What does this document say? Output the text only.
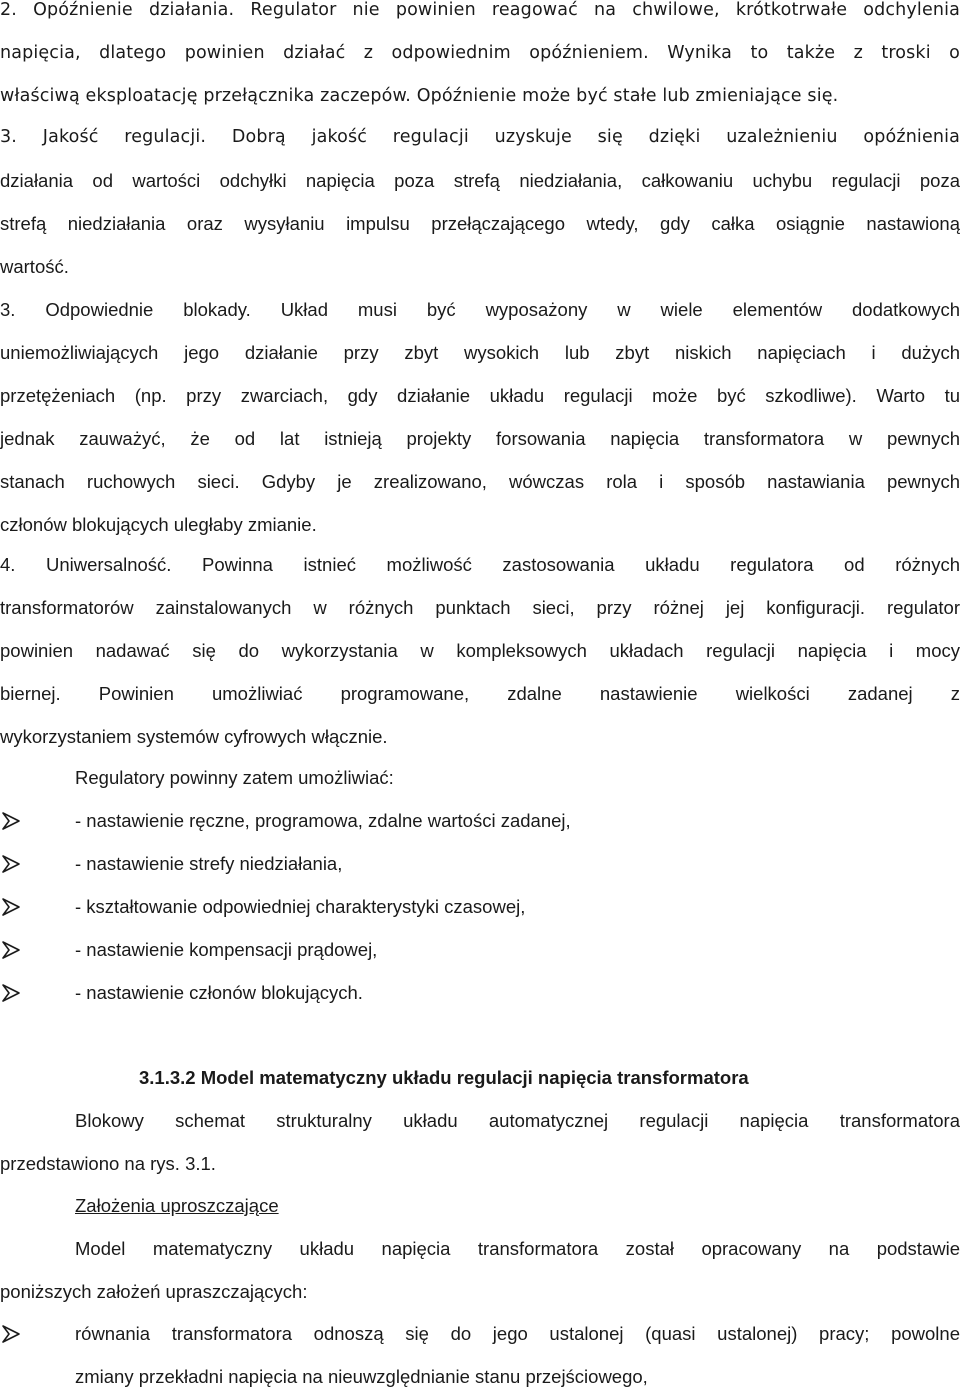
2. Opóźnienie działania. Regulator nie powinien reagować na chwilowe, krótkotrwałe odchylenia
napięcia, dlatego powinien działać z odpowiednim opóźnieniem. Wynika to także z troski o
właściwą eksploatację przełącznika zaczepów. Opóźnienie może być stałe lub zmieniające się.
3. Jakość regulacji. Dobrą jakość regulacji uzyskuje się dzięki uzależnieniu opóźnienia
działania od wartości odchyłki napięcia poza strefą niedziałania, całkowaniu uchybu regulacji poza
strefą niedziałania oraz wysyłaniu impulsu przełączającego wtedy, gdy całka osiągnie nastawioną
wartość.
3. Odpowiednie blokady. Układ musi być wyposażony w wiele elementów dodatkowych
uniemożliwiających jego działanie przy zbyt wysokich lub zbyt niskich napięciach i dużych
przetężeniach (np. przy zwarciach, gdy działanie układu regulacji może być szkodliwe). Warto tu
jednak zauważyć, że od lat istnieją projekty forsowania napięcia transformatora w pewnych
stanach ruchowych sieci. Gdyby je zrealizowano, wówczas rola i sposób nastawiania pewnych
członów blokujących uległaby zmianie.
4. Uniwersalność. Powinna istnieć możliwość zastosowania układu regulatora od różnych
transformatorów zainstalowanych w różnych punktach sieci, przy różnej jej konfiguracji. regulator
powinien nadawać się do wykorzystania w kompleksowych układach regulacji napięcia i mocy
biernej. Powinien umożliwiać programowane, zdalne nastawienie wielkości zadanej z
wykorzystaniem systemów cyfrowych włącznie.
Regulatory powinny zatem umożliwiać:
- nastawienie ręczne, programowa, zdalne wartości zadanej,
- nastawienie strefy niedziałania,
- kształtowanie odpowiedniej charakterystyki czasowej,
- nastawienie kompensacji prądowej,
- nastawienie członów blokujących.
3.1.3.2 Model matematyczny układu regulacji napięcia transformatora
Blokowy schemat strukturalny układu automatycznej regulacji napięcia transformatora
przedstawiono na rys. 3.1.
Założenia uproszczające
Model matematyczny układu napięcia transformatora został opracowany na podstawie
poniższych założeń upraszczających:
równania transformatora odnoszą się do jego ustalonej (quasi ustalonej) pracy; powolne
zmiany przekładni napięcia na nieuwzględnianie stanu przejściowego,
